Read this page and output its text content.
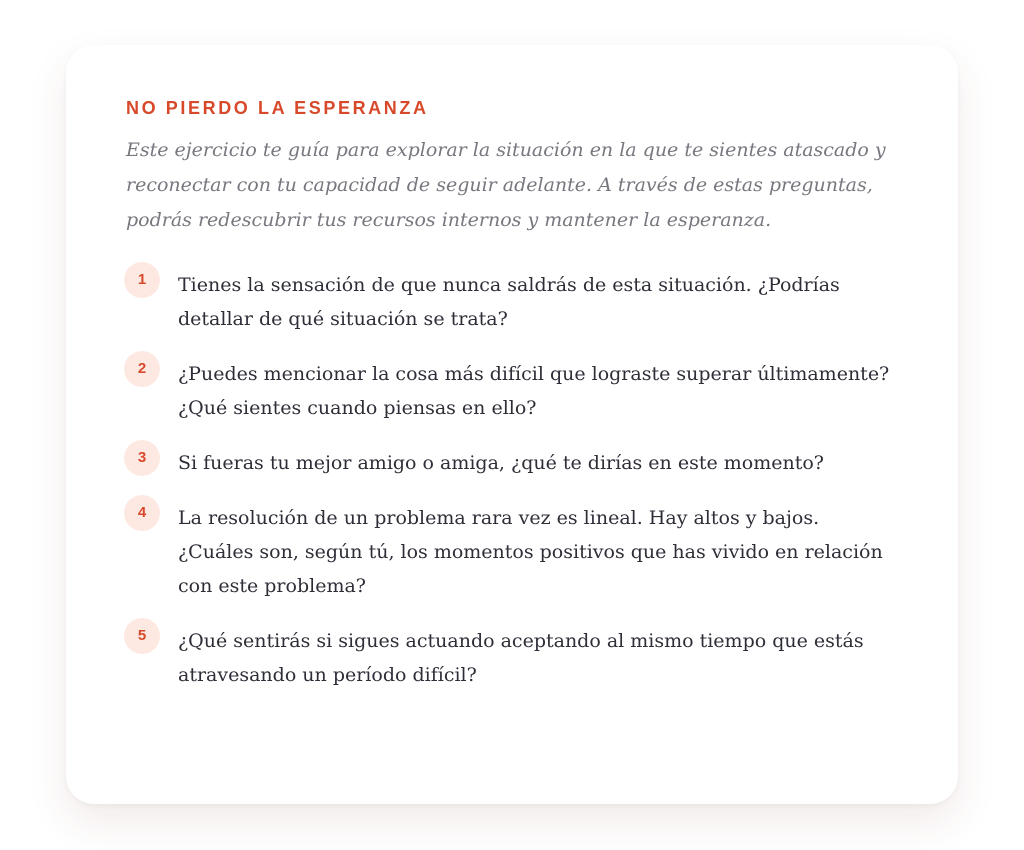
NO PIERDO LA ESPERANZA

Este ejercicio te guía para explorar la situación en la que te sientes atascado y reconectar con tu capacidad de seguir adelante. A través de estas preguntas, podrás redescubrir tus recursos internos y mantener la esperanza.

1	Tienes la sensación de que nunca saldrás de esta situación. ¿Podrías detallar de qué situación se trata?

2	¿Puedes mencionar la cosa más difícil que lograste superar últimamente? ¿Qué sientes cuando piensas en ello?

3	Si fueras tu mejor amigo o amiga, ¿qué te dirías en este momento?

4	La resolución de un problema rara vez es lineal. Hay altos y bajos. ¿Cuáles son, según tú, los momentos positivos que has vivido en relación con este problema?

5	¿Qué sentirás si sigues actuando aceptando al mismo tiempo que estás atravesando un período difícil?
